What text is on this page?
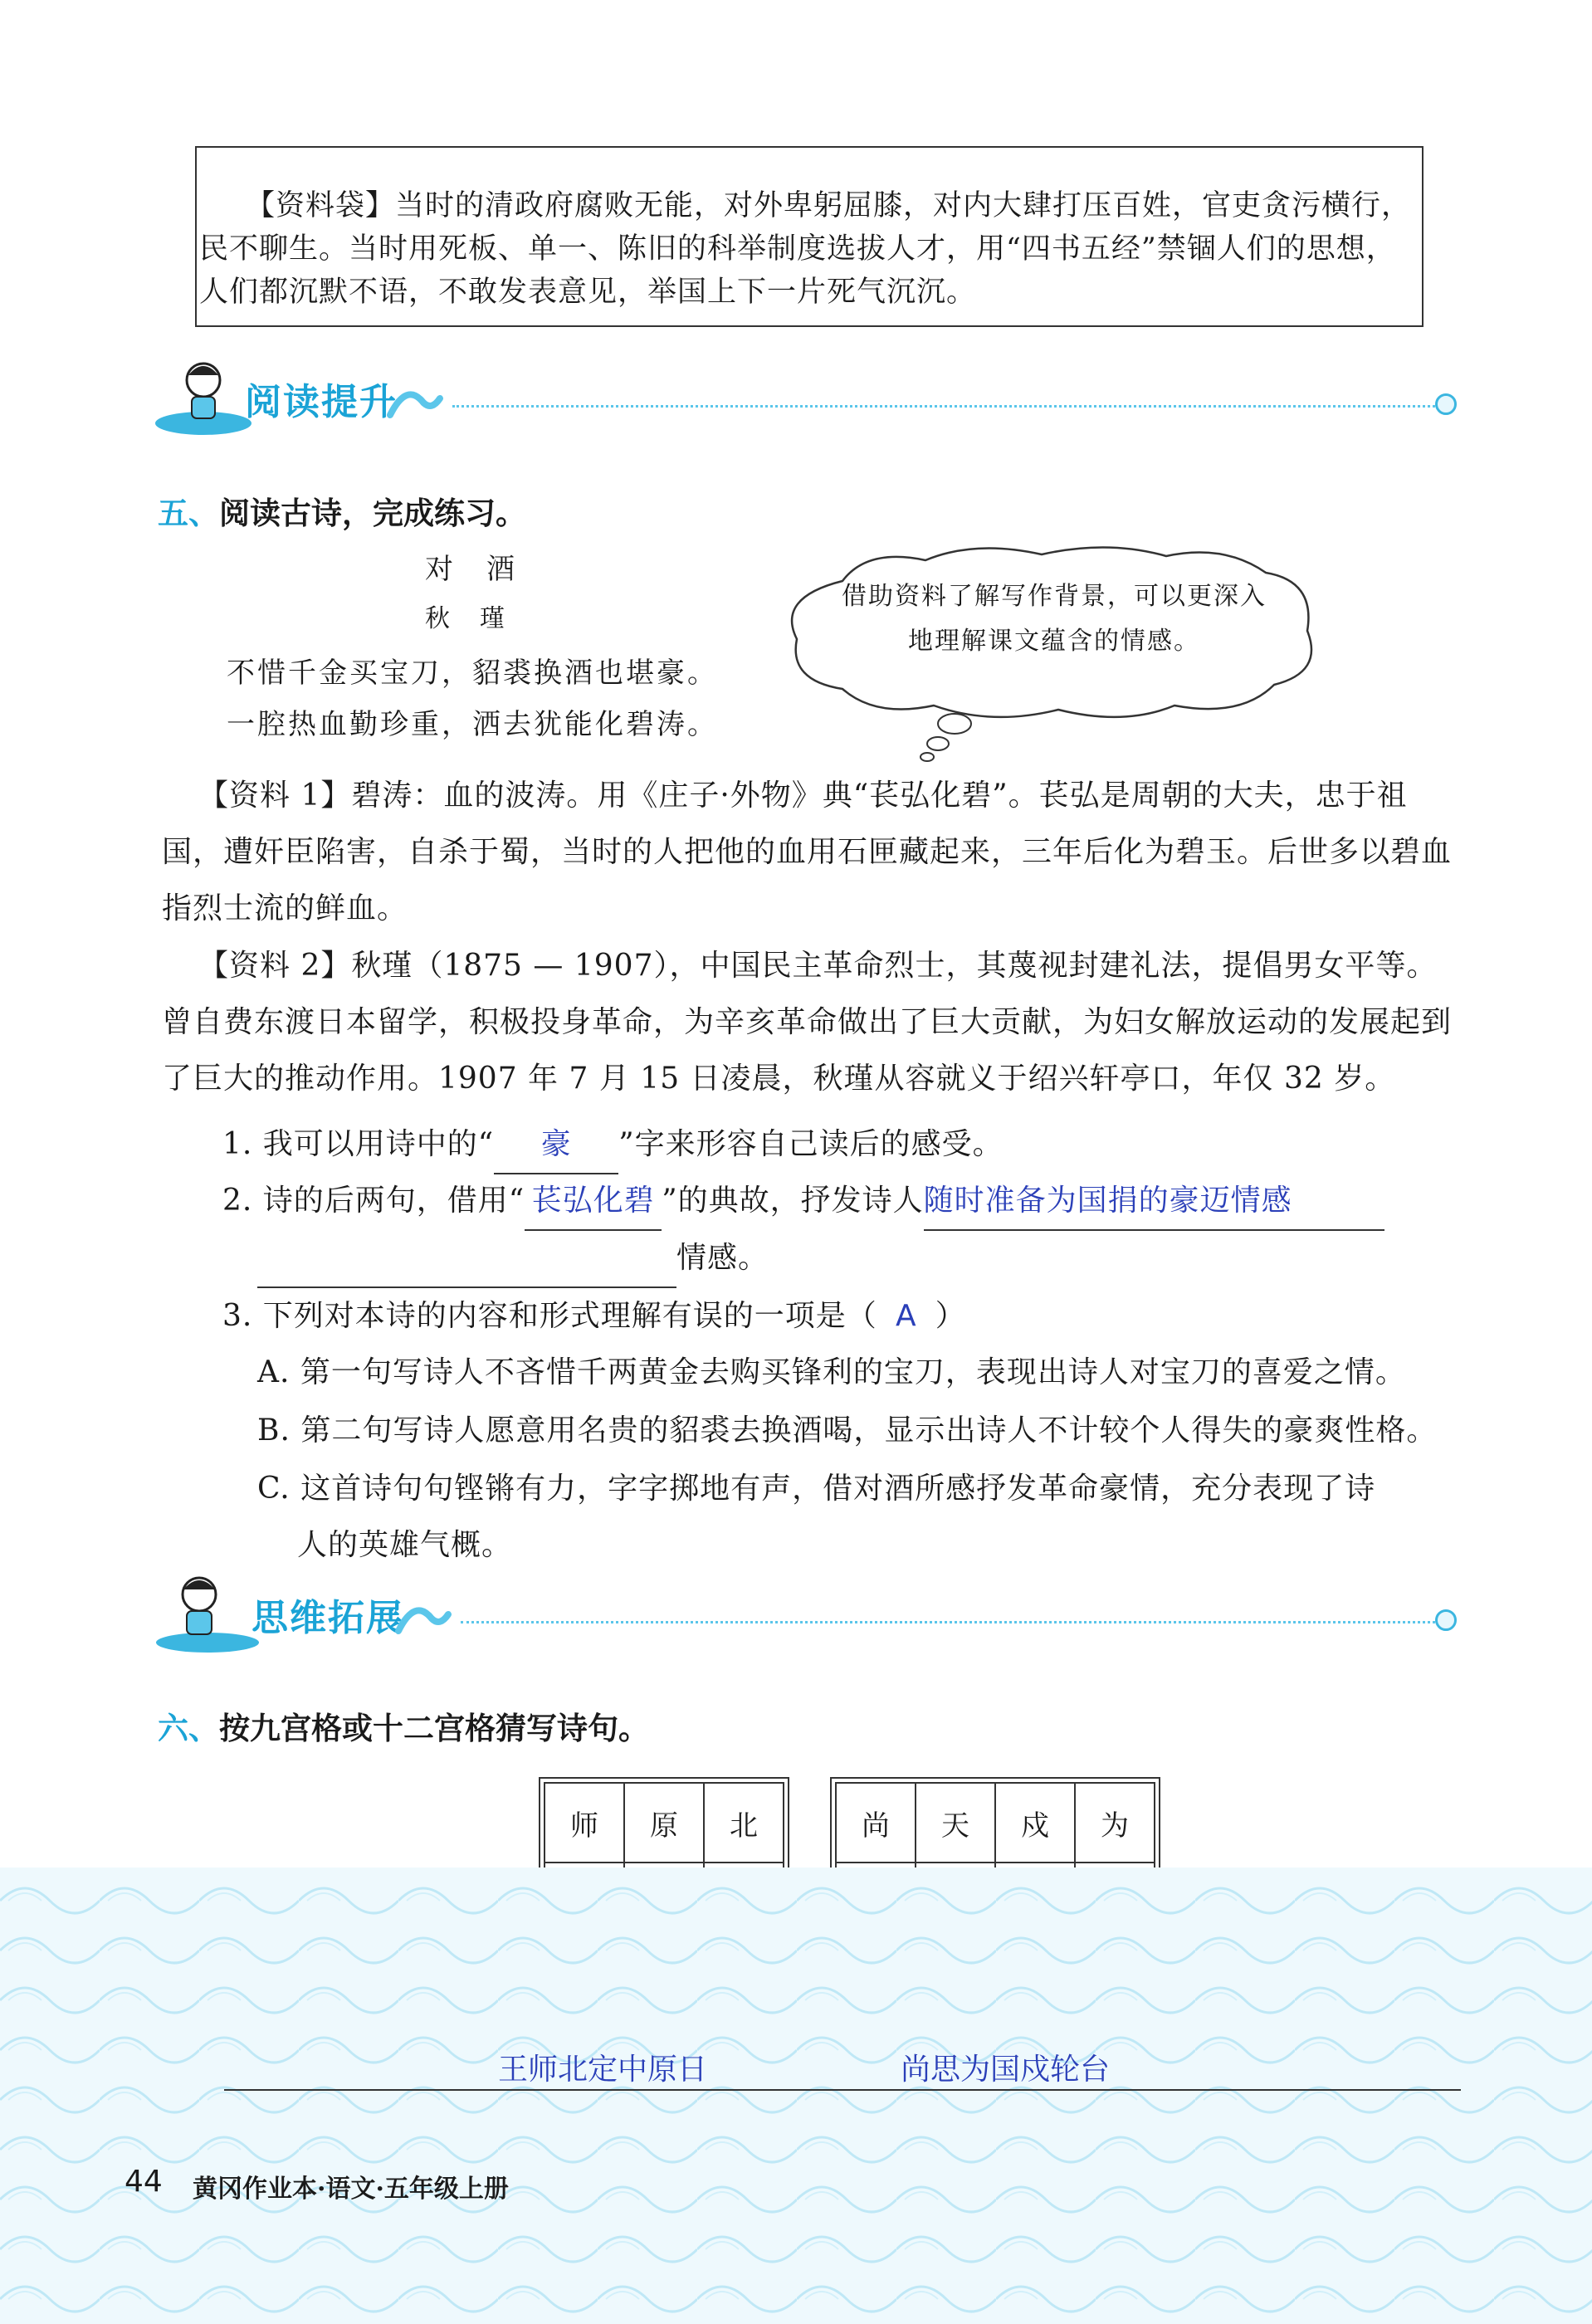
【资料袋】当时的清政府腐败无能，对外卑躬屈膝，对内大肆打压百姓，官吏贪污横行，民不聊生。当时用死板、单一、陈旧的科举制度选拔人才，用“四书五经”禁锢人们的思想，人们都沉默不语，不敢发表意见，举国上下一片死气沉沉。
阅读提升
五、阅读古诗，完成练习。
对　酒
秋　瑾
不惜千金买宝刀，貂裘换酒也堪豪。
一腔热血勤珍重，洒去犹能化碧涛。
借助资料了解写作背景，可以更深入地理解课文蕴含的情感。
【资料 1】碧涛：血的波涛。用《庄子·外物》典“苌弘化碧”。苌弘是周朝的大夫，忠于祖国，遭奸臣陷害，自杀于蜀，当时的人把他的血用石匣藏起来，三年后化为碧玉。后世多以碧血指烈士流的鲜血。
【资料 2】秋瑾（1875 — 1907），中国民主革命烈士，其蔑视封建礼法，提倡男女平等。曾自费东渡日本留学，积极投身革命，为辛亥革命做出了巨大贡献，为妇女解放运动的发展起到了巨大的推动作用。1907 年 7 月 15 日凌晨，秋瑾从容就义于绍兴轩亭口，年仅 32 岁。
1. 我可以用诗中的“ 豪 ”字来形容自己读后的感受。
2. 诗的后两句，借用“ 苌弘化碧 ”的典故，抒发诗人随时准备为国捐的豪迈情感
情感。
3. 下列对本诗的内容和形式理解有误的一项是（ A ）
A. 第一句写诗人不吝惜千两黄金去购买锋利的宝刀，表现出诗人对宝刀的喜爱之情。
B. 第二句写诗人愿意用名贵的貂裘去换酒喝，显示出诗人不计较个人得失的豪爽性格。
C. 这首诗句句铿锵有力，字字掷地有声，借对酒所感抒发革命豪情，充分表现了诗
人的英雄气概。
思维拓展
六、按九宫格或十二宫格猜写诗句。
师	原	北

			尚	天	戍	为

王师北定中原日	尚思为国戍轮台
44 黄冈作业本·语文·五年级上册
